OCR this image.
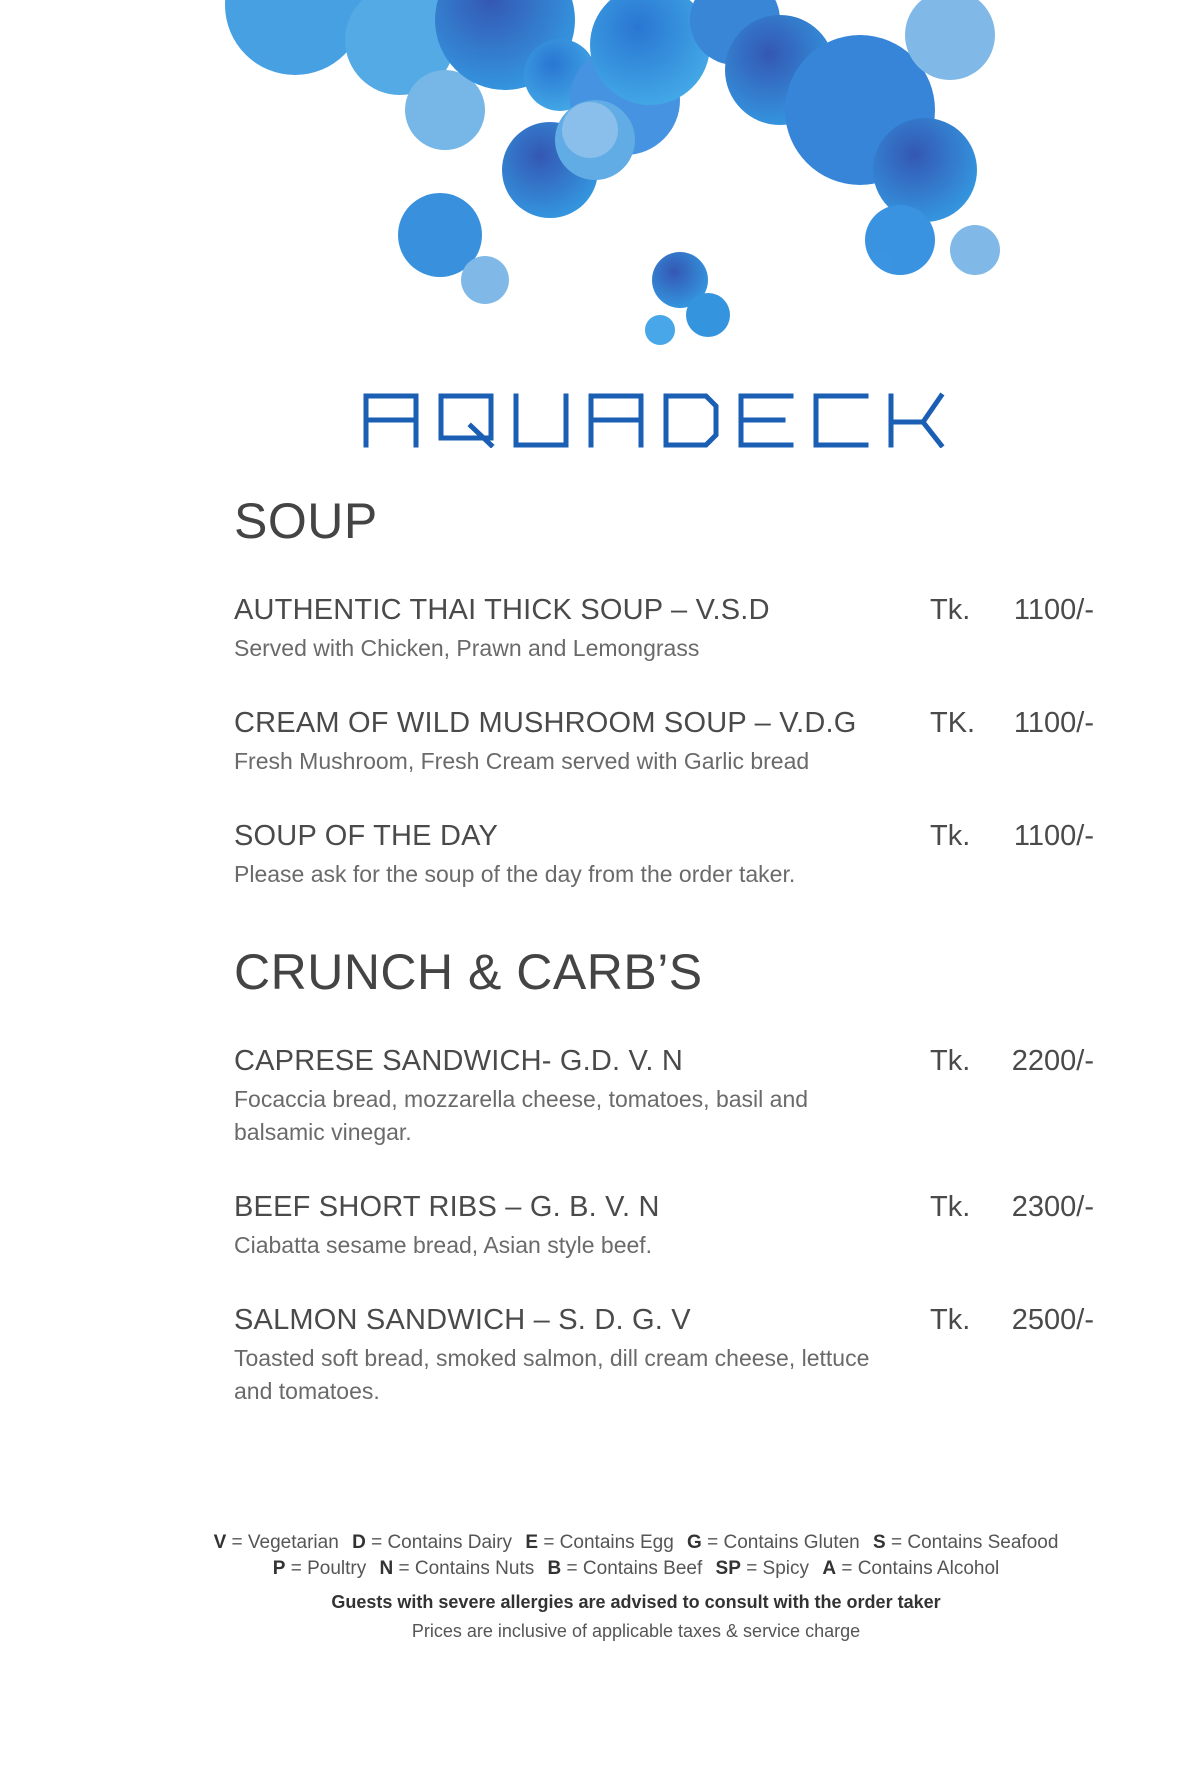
SOUP
AUTHENTIC THAI THICK SOUP – V.S.D	Tk. 1100/-
Served with Chicken, Prawn and Lemongrass
CREAM OF WILD MUSHROOM SOUP – V.D.G	TK. 1100/-
Fresh Mushroom, Fresh Cream served with Garlic bread
SOUP OF THE DAY	Tk. 1100/-
Please ask for the soup of the day from the order taker.
CRUNCH & CARB’S
CAPRESE SANDWICH- G.D. V. N	Tk. 2200/-
Focaccia bread, mozzarella cheese, tomatoes, basil and balsamic vinegar.
BEEF SHORT RIBS – G. B. V. N	Tk. 2300/-
Ciabatta sesame bread, Asian style beef.
SALMON SANDWICH – S. D. G. V	Tk. 2500/-
Toasted soft bread, smoked salmon, dill cream cheese, lettuce and tomatoes.
V = Vegetarian D = Contains Dairy E = Contains Egg G = Contains Gluten S = Contains Seafood
P = Poultry N = Contains Nuts B = Contains Beef SP = Spicy A = Contains Alcohol
Guests with severe allergies are advised to consult with the order taker
Prices are inclusive of applicable taxes & service charge
